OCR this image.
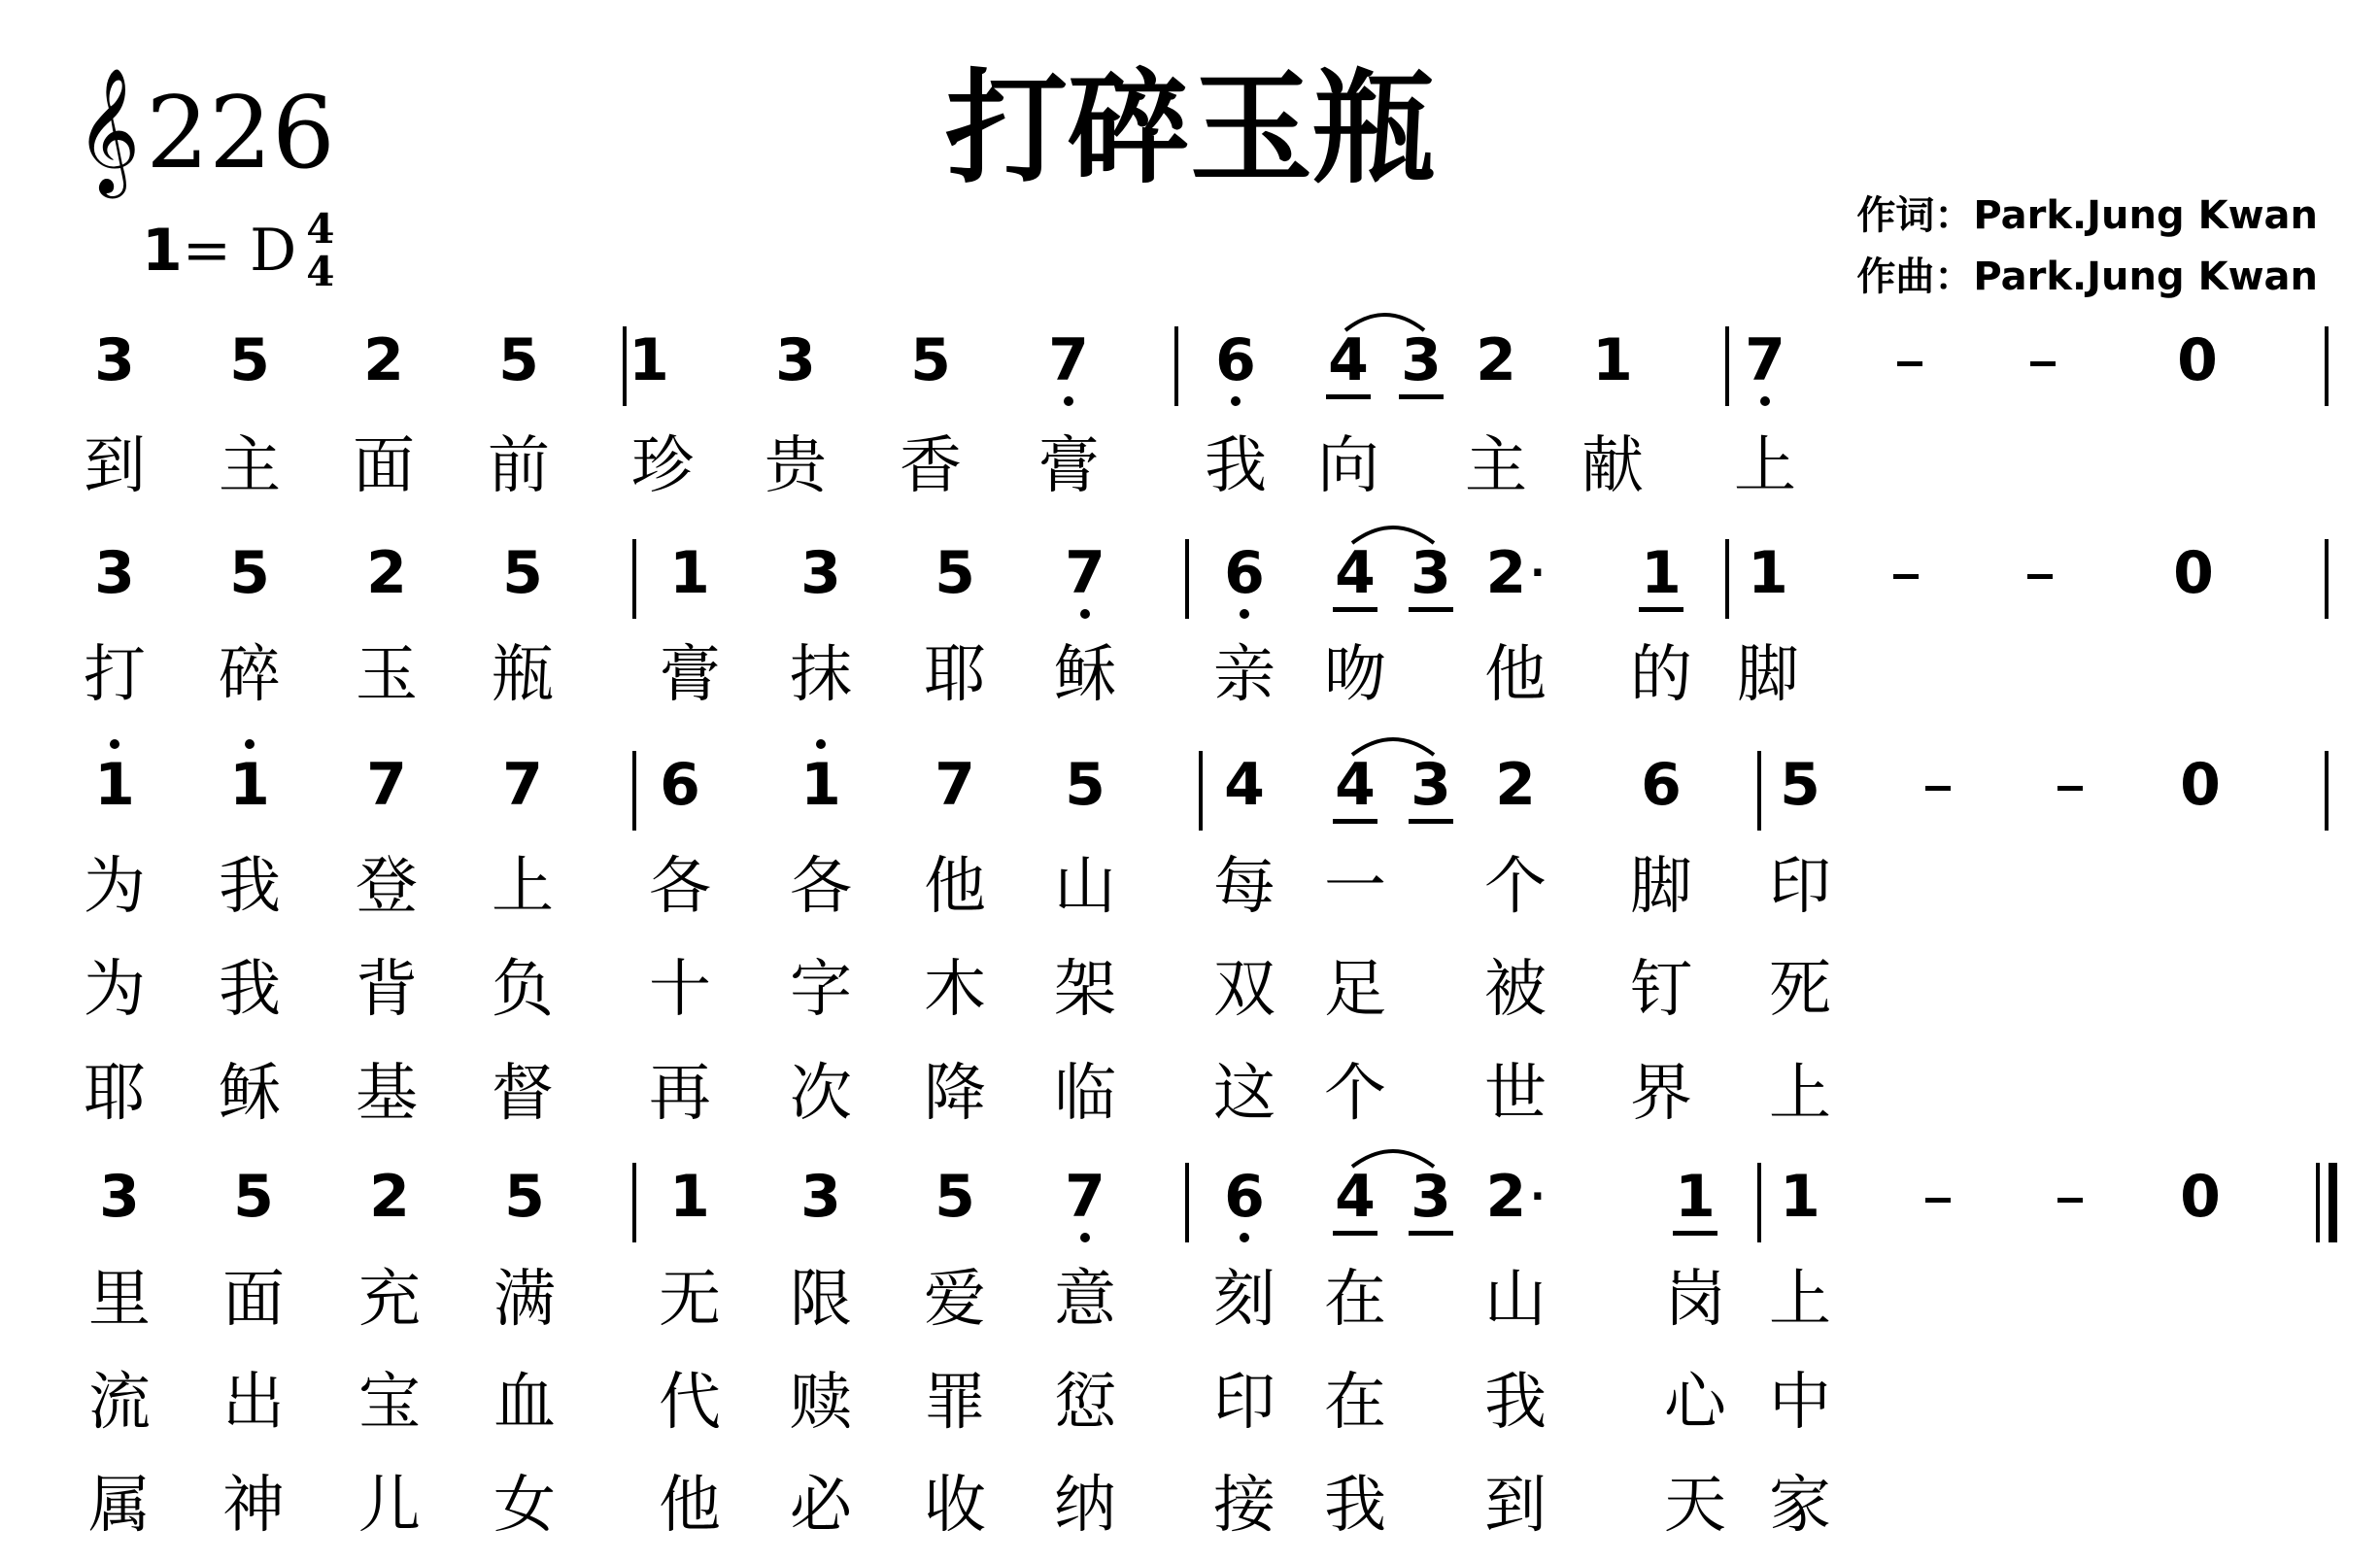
𝄞226	打碎玉瓶
1 = D 4
4
作词：Park.Jung Kwan
作曲：Park.Jung Kwan
3	5	2	5	1	3	5	7	6	4 3 2	1	7	0
到	主	面	前	珍	贵	香	膏	我 向	主 献	上
3	5	2	5	1	3	5	7	6	4 3 2 ·	1	1	0
打	碎	玉	瓶	膏	抹	耶	稣	亲 吻	他	的 脚
1	1	7	7	6	1	7	5	4	4 3 2	6	5	0
为	我	登	上	各	各	他	山	每 一	个	脚	印
为	我	背	负	十	字	木	架	双 足	被	钉	死
耶	稣	基	督	再	次	降	临	这 个	世	界	上
3	5	2	5	1	3	5	7	6	4 3 2 ·	1	1	0
里	面	充	满	无	限	爱	意	刻 在	山	岗 上
流	出	宝	血	代	赎	罪	愆	印 在	我	心 中
属	神	儿	女	他	必	收	纳	接 我	到	天 家
